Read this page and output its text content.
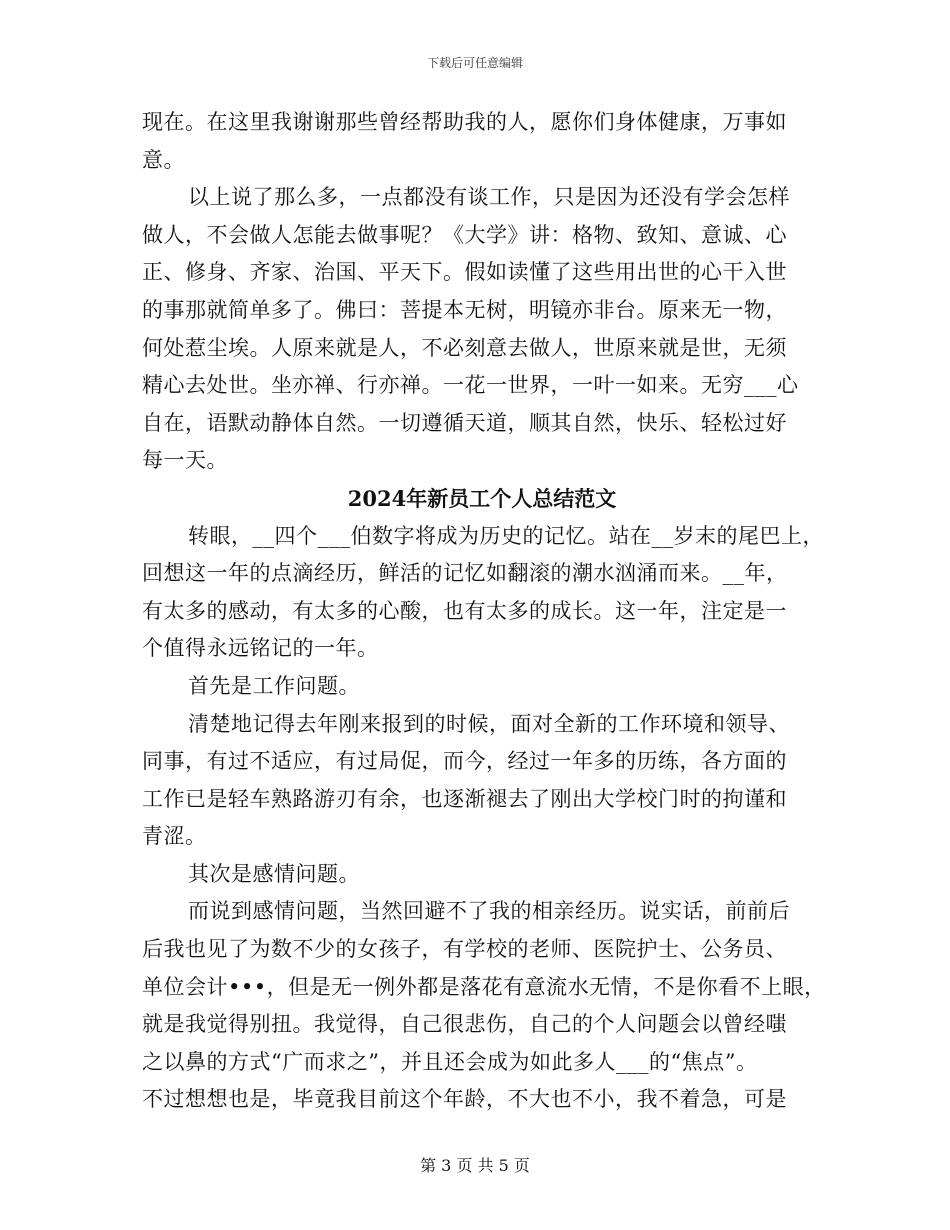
下载后可任意编辑
现在。在这里我谢谢那些曾经帮助我的人，愿你们身体健康，万事如
意。
以上说了那么多，一点都没有谈工作，只是因为还没有学会怎样
做人，不会做人怎能去做事呢？《大学》讲：格物、致知、意诚、心
正、修身、齐家、治国、平天下。假如读懂了这些用出世的心干入世
的事那就简单多了。佛曰：菩提本无树，明镜亦非台。原来无一物，
何处惹尘埃。人原来就是人，不必刻意去做人，世原来就是世，无须
精心去处世。坐亦禅、行亦禅。一花一世界，一叶一如来。无穷___心
自在，语默动静体自然。一切遵循天道，顺其自然，快乐、轻松过好
每一天。
2024年新员工个人总结范文
转眼，__四个___伯数字将成为历史的记忆。站在__岁末的尾巴上，
回想这一年的点滴经历，鲜活的记忆如翻滚的潮水汹涌而来。__年，
有太多的感动，有太多的心酸，也有太多的成长。这一年，注定是一
个值得永远铭记的一年。
首先是工作问题。
清楚地记得去年刚来报到的时候，面对全新的工作环境和领导、
同事，有过不适应，有过局促，而今，经过一年多的历练，各方面的
工作已是轻车熟路游刃有余，也逐渐褪去了刚出大学校门时的拘谨和
青涩。
其次是感情问题。
而说到感情问题，当然回避不了我的相亲经历。说实话，前前后
后我也见了为数不少的女孩子，有学校的老师、医院护士、公务员、
单位会计•••，但是无一例外都是落花有意流水无情，不是你看不上眼，
就是我觉得别扭。我觉得，自己很悲伤，自己的个人问题会以曾经嗤
之以鼻的方式“广而求之”，并且还会成为如此多人___的“焦点”。
不过想想也是，毕竟我目前这个年龄，不大也不小，我不着急，可是
第 3 页 共 5 页
